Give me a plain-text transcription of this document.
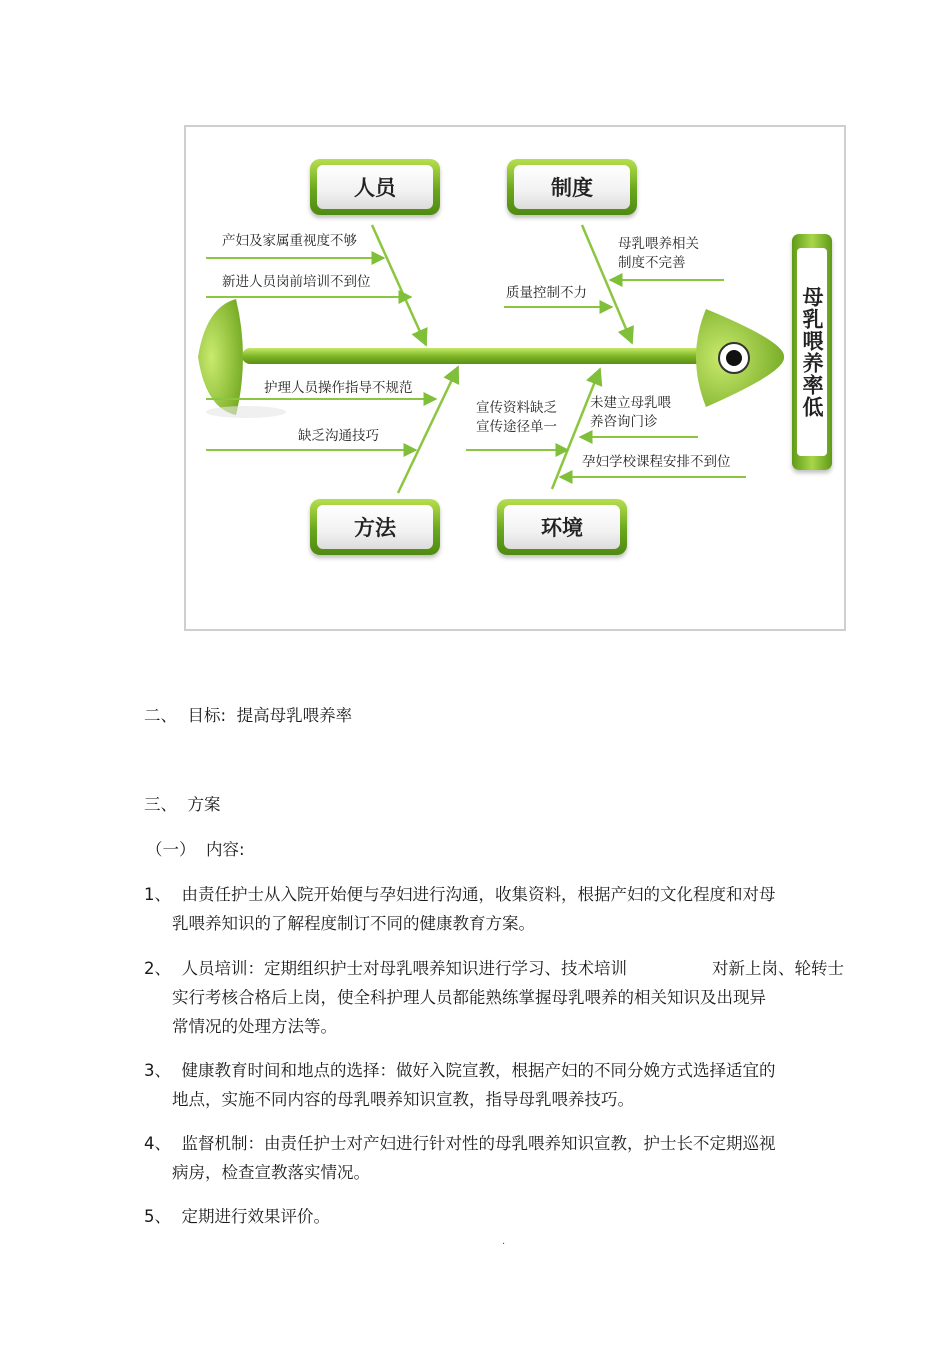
人员	制度
方法	环境
母乳喂养率低
产妇及家属重视度不够
新进人员岗前培训不到位
母乳喂养相关
制度不完善
质量控制不力
护理人员操作指导不规范
缺乏沟通技巧
宣传资料缺乏
宣传途径单一
未建立母乳喂
养咨询门诊
孕妇学校课程安排不到位
二、 目标: 提高母乳喂养率
三、 方案
（一） 内容:
1、 由责任护士从入院开始便与孕妇进行沟通，收集资料，根据产妇的文化程度和对母
乳喂养知识的了解程度制订不同的健康教育方案。
2、 人员培训：定期组织护士对母乳喂养知识进行学习、技术培训	对新上岗、轮转士
实行考核合格后上岗，使全科护理人员都能熟练掌握母乳喂养的相关知识及出现异
常情况的处理方法等。
3、 健康教育时间和地点的选择：做好入院宣教，根据产妇的不同分娩方式选择适宜的
地点，实施不同内容的母乳喂养知识宣教，指导母乳喂养技巧。
4、 监督机制：由责任护士对产妇进行针对性的母乳喂养知识宣教，护士长不定期巡视
病房，检查宣教落实情况。
5、 定期进行效果评价。
.
